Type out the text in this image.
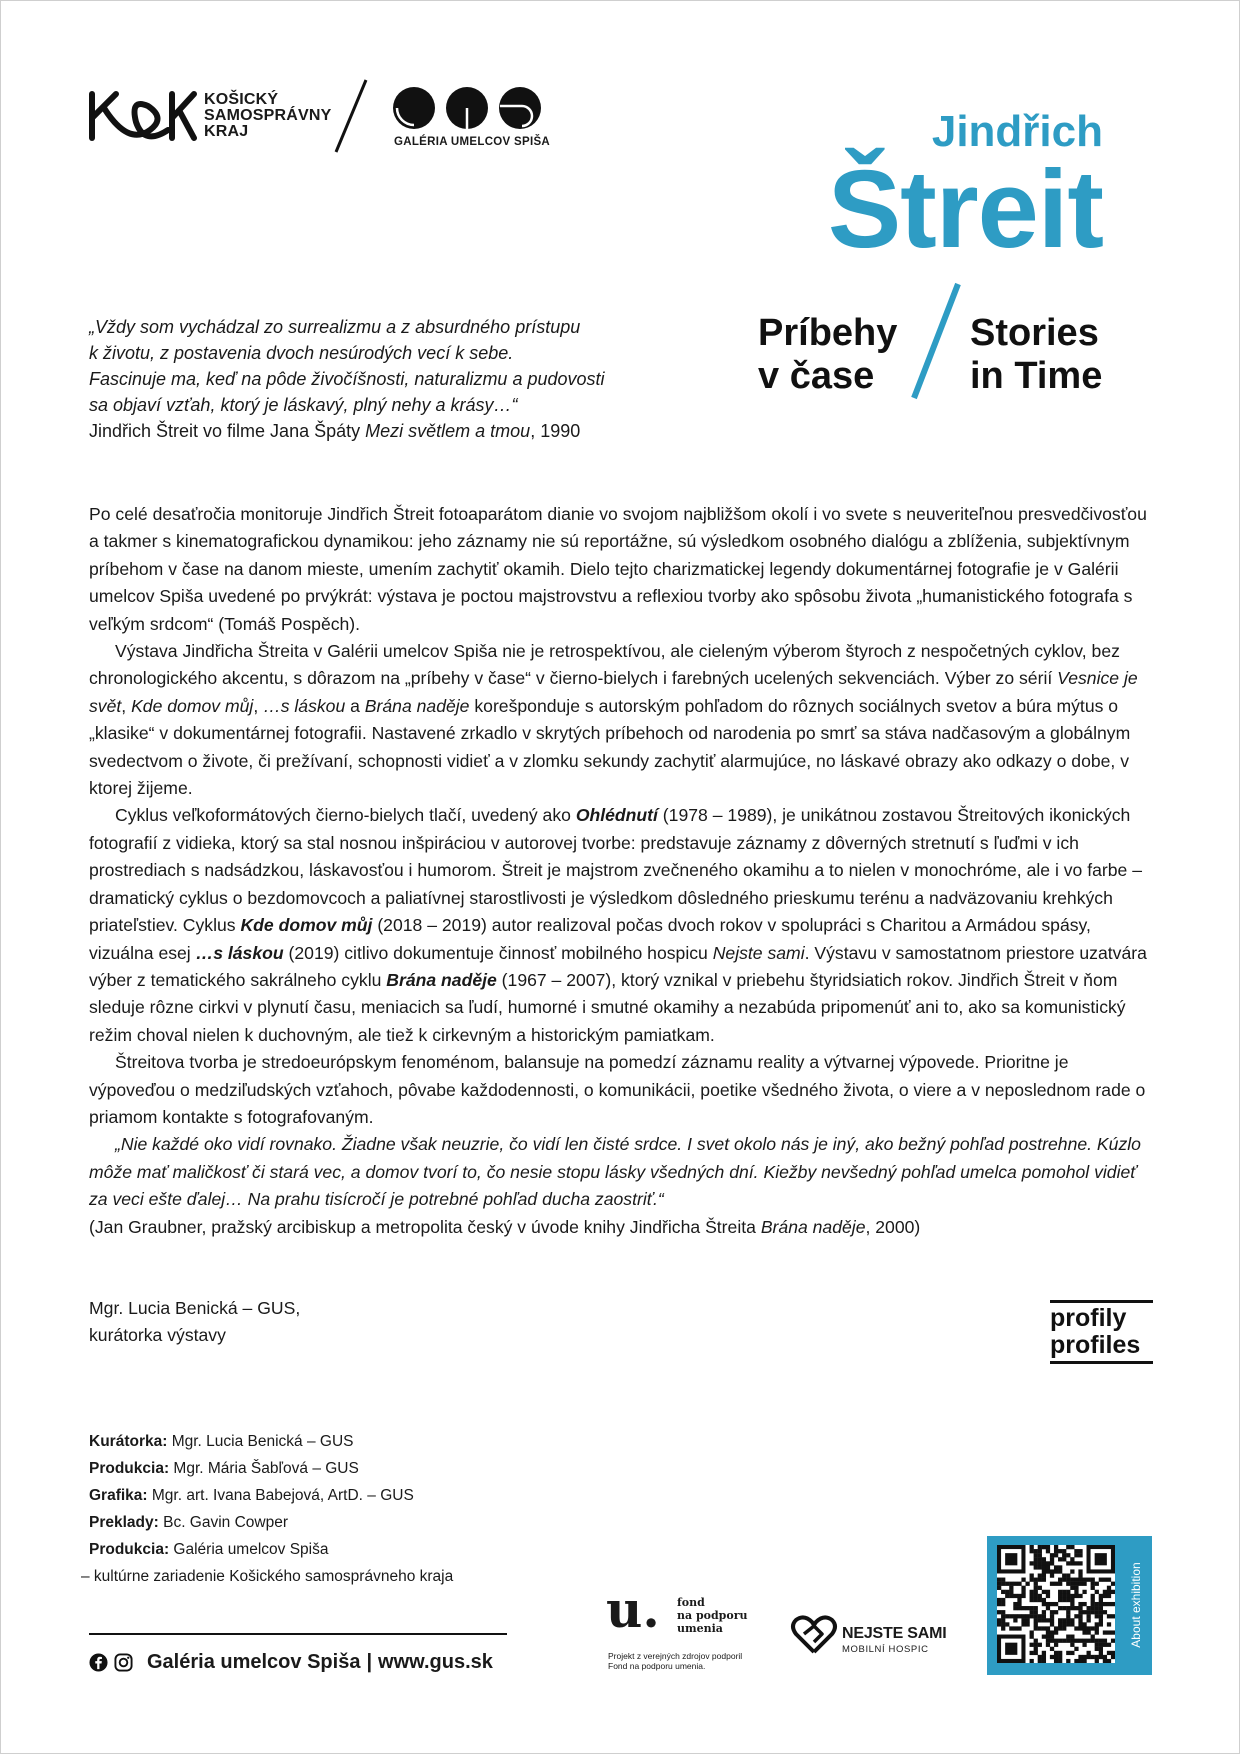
KOŠICKÝ
SAMOSPRÁVNY
KRAJ
GALÉRIA UMELCOV SPIŠA	Jindřich
Štreit
Príbehy
v čase
Stories
in Time
„Vždy som vychádzal zo surrealizmu a z absurdného prístupu
k životu, z postavenia dvoch nesúrodých vecí k sebe.
Fascinuje ma, keď na pôde živočíšnosti, naturalizmu a pudovosti
sa objaví vzťah, ktorý je láskavý, plný nehy a krásy…“
Jindřich Štreit vo filme Jana Špáty Mezi světlem a tmou, 1990

Po celé desaťročia monitoruje Jindřich Štreit fotoaparátom dianie vo svojom najbližšom okolí i vo svete s neuveriteľnou presvedčivosťou a takmer s kinematografickou dynamikou: jeho záznamy nie sú reportážne, sú výsledkom osobného dialógu a zblíženia, subjektívnym príbehom v čase na danom mieste, umením zachytiť okamih. Dielo tejto charizmatickej legendy dokumentárnej fotografie je v Galérii umelcov Spiša uvedené po prvýkrát: výstava je poctou majstrovstvu a reflexiou tvorby ako spôsobu života „humanistického fotografa s veľkým srdcom“ (Tomáš Pospěch).

Výstava Jindřicha Štreita v Galérii umelcov Spiša nie je retrospektívou, ale cieleným výberom štyroch z nespočetných cyklov, bez chronologického akcentu, s dôrazom na „príbehy v čase“ v čierno-bielych i farebných ucelených sekvenciách. Výber zo sérií Vesnice je svět, Kde domov můj, …s láskou a Brána naděje korešponduje s autorským pohľadom do rôznych sociálnych svetov a búra mýtus o „klasike“ v dokumentárnej fotografii. Nastavené zrkadlo v skrytých príbehoch od narodenia po smrť sa stáva nadčasovým a globálnym svedectvom o živote, či prežívaní, schopnosti vidieť a v zlomku sekundy zachytiť alarmujúce, no láskavé obrazy ako odkazy o dobe, v ktorej žijeme.

Cyklus veľkoformátových čierno-bielych tlačí, uvedený ako Ohlédnutí (1978 – 1989), je unikátnou zostavou Štreitových ikonických fotografií z vidieka, ktorý sa stal nosnou inšpiráciou v autorovej tvorbe: predstavuje záznamy z dôverných stretnutí s ľuďmi v ich prostrediach s nadsádzkou, láskavosťou i humorom. Štreit je majstrom zvečneného okamihu a to nielen v monochróme, ale i vo farbe – dramatický cyklus o bezdomovcoch a paliatívnej starostlivosti je výsledkom dôsledného prieskumu terénu a nadväzovaniu krehkých priateľstiev. Cyklus Kde domov můj (2018 – 2019) autor realizoval počas dvoch rokov v spolupráci s Charitou a Armádou spásy, vizuálna esej …s láskou (2019) citlivo dokumentuje činnosť mobilného hospicu Nejste sami. Výstavu v samostatnom priestore uzatvára výber z tematického sakrálneho cyklu Brána naděje (1967 – 2007), ktorý vznikal v priebehu štyridsiatich rokov. Jindřich Štreit v ňom sleduje rôzne cirkvi v plynutí času, meniacich sa ľudí, humorné i smutné okamihy a nezabúda pripomenúť ani to, ako sa komunistický režim choval nielen k duchovným, ale tiež k cirkevným a historickým pamiatkam.

Štreitova tvorba je stredoeurópskym fenoménom, balansuje na pomedzí záznamu reality a výtvarnej výpovede. Prioritne je výpoveďou o medziľudských vzťahoch, pôvabe každodennosti, o komunikácii, poetike všedného života, o viere a v neposlednom rade o priamom kontakte s fotografovaným.

„Nie každé oko vidí rovnako. Žiadne však neuzrie, čo vidí len čisté srdce. I svet okolo nás je iný, ako bežný pohľad postrehne. Kúzlo môže mať maličkosť či stará vec, a domov tvorí to, čo nesie stopu lásky všedných dní. Kiežby nevšedný pohľad umelca pomohol vidieť za veci ešte ďalej… Na prahu tisícročí je potrebné pohľad ducha zaostriť.“

(Jan Graubner, pražský arcibiskup a metropolita český v úvode knihy Jindřicha Štreita Brána naděje, 2000)

Mgr. Lucia Benická – GUS,
kurátorka výstavy
profily
profiles
Kurátorka: Mgr. Lucia Benická – GUS
Produkcia: Mgr. Mária Šabľová – GUS
Grafika: Mgr. art. Ivana Babejová, ArtD. – GUS
Preklady: Bc. Gavin Cowper
Produkcia: Galéria umelcov Spiša
– kultúrne zariadenie Košického samosprávneho kraja
Galéria umelcov Spiša | www.gus.sk
u. fond
na podporu
umenia
Projekt z verejných zdrojov podporil
Fond na podporu umenia.
NEJSTE SAMI
MOBILNÍ HOSPIC
About exhibition
